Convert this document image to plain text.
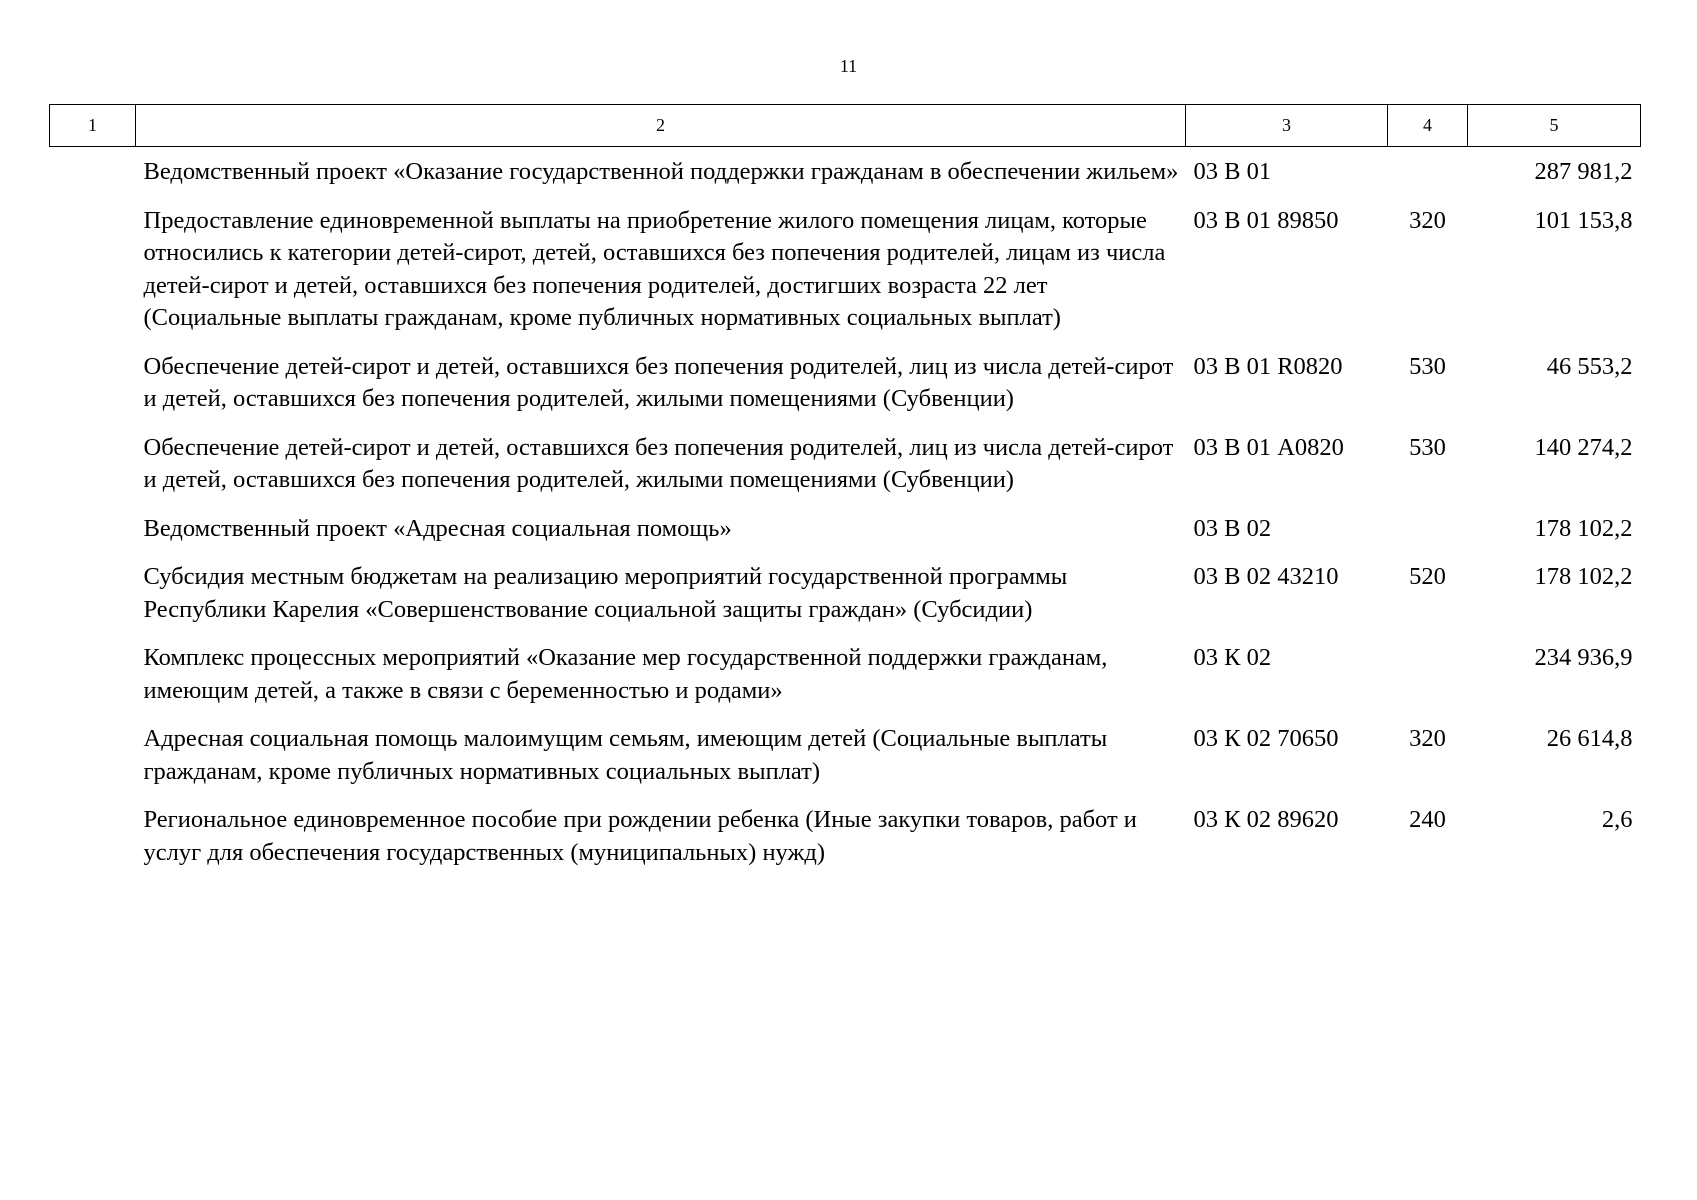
11
1	2	3	4	5
	Ведомственный проект «Оказание государственной поддержки гражданам в обеспечении жильем»	03 В 01		287 981,2
	Предоставление единовременной выплаты на приобретение жилого помещения лицам, которые относились к категории детей-сирот, детей, оставшихся без попечения родителей, лицам из числа детей-сирот и детей, оставшихся без попечения родителей, достигших возраста 22 лет (Социальные выплаты гражданам, кроме публичных нормативных социальных выплат)	03 В 01 89850	320	101 153,8
	Обеспечение детей-сирот и детей, оставшихся без попечения родителей, лиц из числа детей-сирот и детей, оставшихся без попечения родителей, жилыми помещениями (Субвенции)	03 В 01 R0820	530	46 553,2
	Обеспечение детей-сирот и детей, оставшихся без попечения родителей, лиц из числа детей-сирот и детей, оставшихся без попечения родителей, жилыми помещениями (Субвенции)	03 В 01 А0820	530	140 274,2
	Ведомственный проект «Адресная социальная помощь»	03 В 02		178 102,2
	Субсидия местным бюджетам на реализацию мероприятий государственной программы Республики Карелия «Совершенствование социальной защиты граждан» (Субсидии)	03 В 02 43210	520	178 102,2
	Комплекс процессных мероприятий «Оказание мер государственной поддержки гражданам, имеющим детей, а также в связи с беременностью и родами»	03 К 02		234 936,9
	Адресная социальная помощь малоимущим семьям, имеющим детей (Социальные выплаты гражданам, кроме публичных нормативных социальных выплат)	03 К 02 70650	320	26 614,8
	Региональное единовременное пособие при рождении ребенка (Иные закупки товаров, работ и услуг для обеспечения государственных (муниципальных) нужд)	03 К 02 89620	240	2,6
